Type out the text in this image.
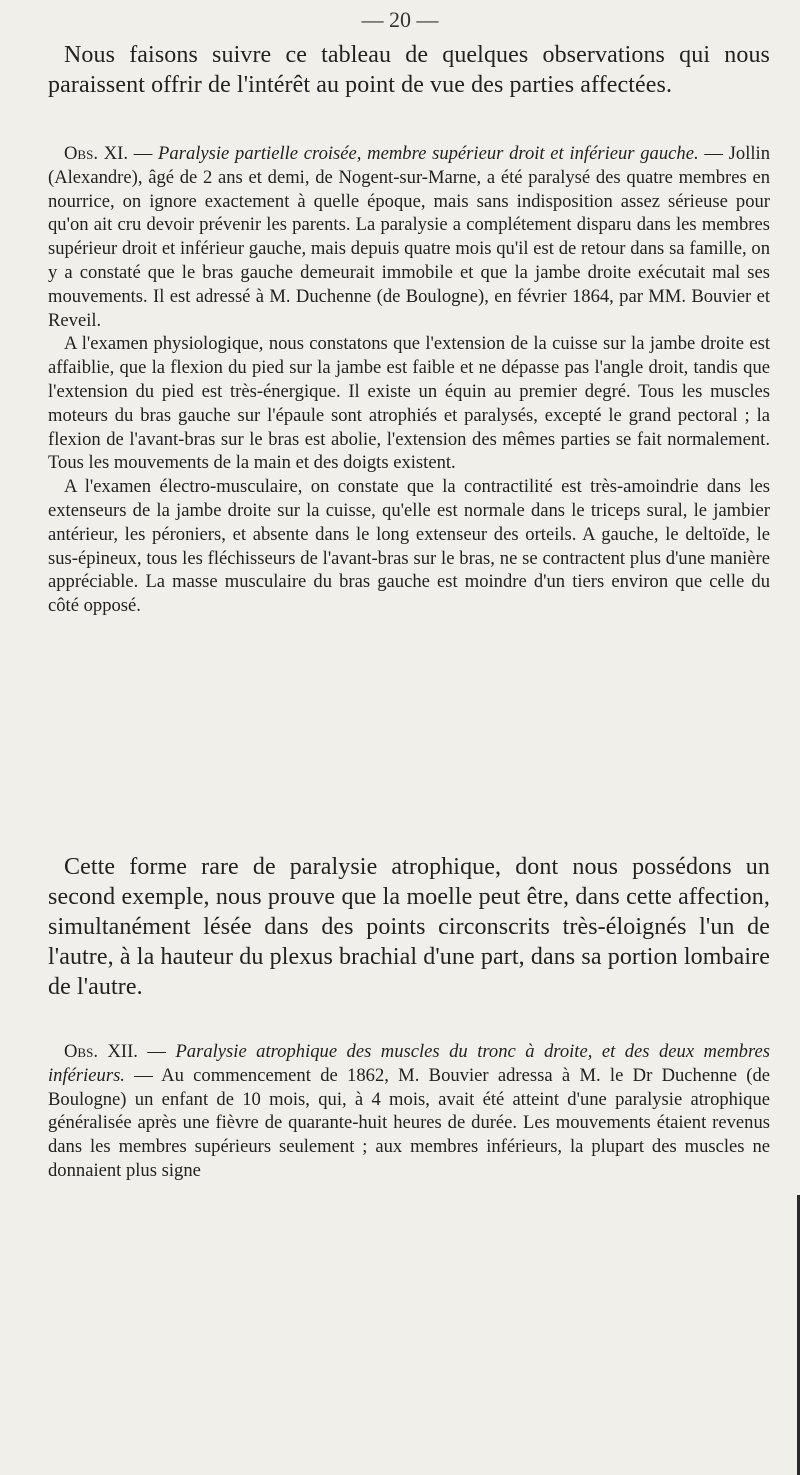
— 20 —

Nous faisons suivre ce tableau de quelques observations qui nous paraissent offrir de l'intérêt au point de vue des parties affectées.

Obs. XI. — Paralysie partielle croisée, membre supérieur droit et inférieur gauche. — Jollin (Alexandre), âgé de 2 ans et demi, de Nogent-sur-Marne, a été paralysé des quatre membres en nourrice, on ignore exactement à quelle époque, mais sans indisposition assez sérieuse pour qu'on ait cru devoir prévenir les parents. La paralysie a complétement disparu dans les membres supérieur droit et inférieur gauche, mais depuis quatre mois qu'il est de retour dans sa famille, on y a constaté que le bras gauche demeurait immobile et que la jambe droite exécutait mal ses mouvements. Il est adressé à M. Duchenne (de Boulogne), en février 1864, par MM. Bouvier et Reveil.

A l'examen physiologique, nous constatons que l'extension de la cuisse sur la jambe droite est affaiblie, que la flexion du pied sur la jambe est faible et ne dépasse pas l'angle droit, tandis que l'extension du pied est très-énergique. Il existe un équin au premier degré. Tous les muscles moteurs du bras gauche sur l'épaule sont atrophiés et paralysés, excepté le grand pectoral ; la flexion de l'avant-bras sur le bras est abolie, l'extension des mêmes parties se fait normalement. Tous les mouvements de la main et des doigts existent.

A l'examen électro-musculaire, on constate que la contractilité est très-amoindrie dans les extenseurs de la jambe droite sur la cuisse, qu'elle est normale dans le triceps sural, le jambier antérieur, les péroniers, et absente dans le long extenseur des orteils. A gauche, le deltoïde, le sus-épineux, tous les fléchisseurs de l'avant-bras sur le bras, ne se contractent plus d'une manière appréciable. La masse musculaire du bras gauche est moindre d'un tiers environ que celle du côté opposé.

Cette forme rare de paralysie atrophique, dont nous possédons un second exemple, nous prouve que la moelle peut être, dans cette affection, simultanément lésée dans des points circonscrits très-éloignés l'un de l'autre, à la hauteur du plexus brachial d'une part, dans sa portion lombaire de l'autre.

Obs. XII. — Paralysie atrophique des muscles du tronc à droite, et des deux membres inférieurs. — Au commencement de 1862, M. Bouvier adressa à M. le Dr Duchenne (de Boulogne) un enfant de 10 mois, qui, à 4 mois, avait été atteint d'une paralysie atrophique généralisée après une fièvre de quarante-huit heures de durée. Les mouvements étaient revenus dans les membres supérieurs seulement ; aux membres inférieurs, la plupart des muscles ne donnaient plus signe
